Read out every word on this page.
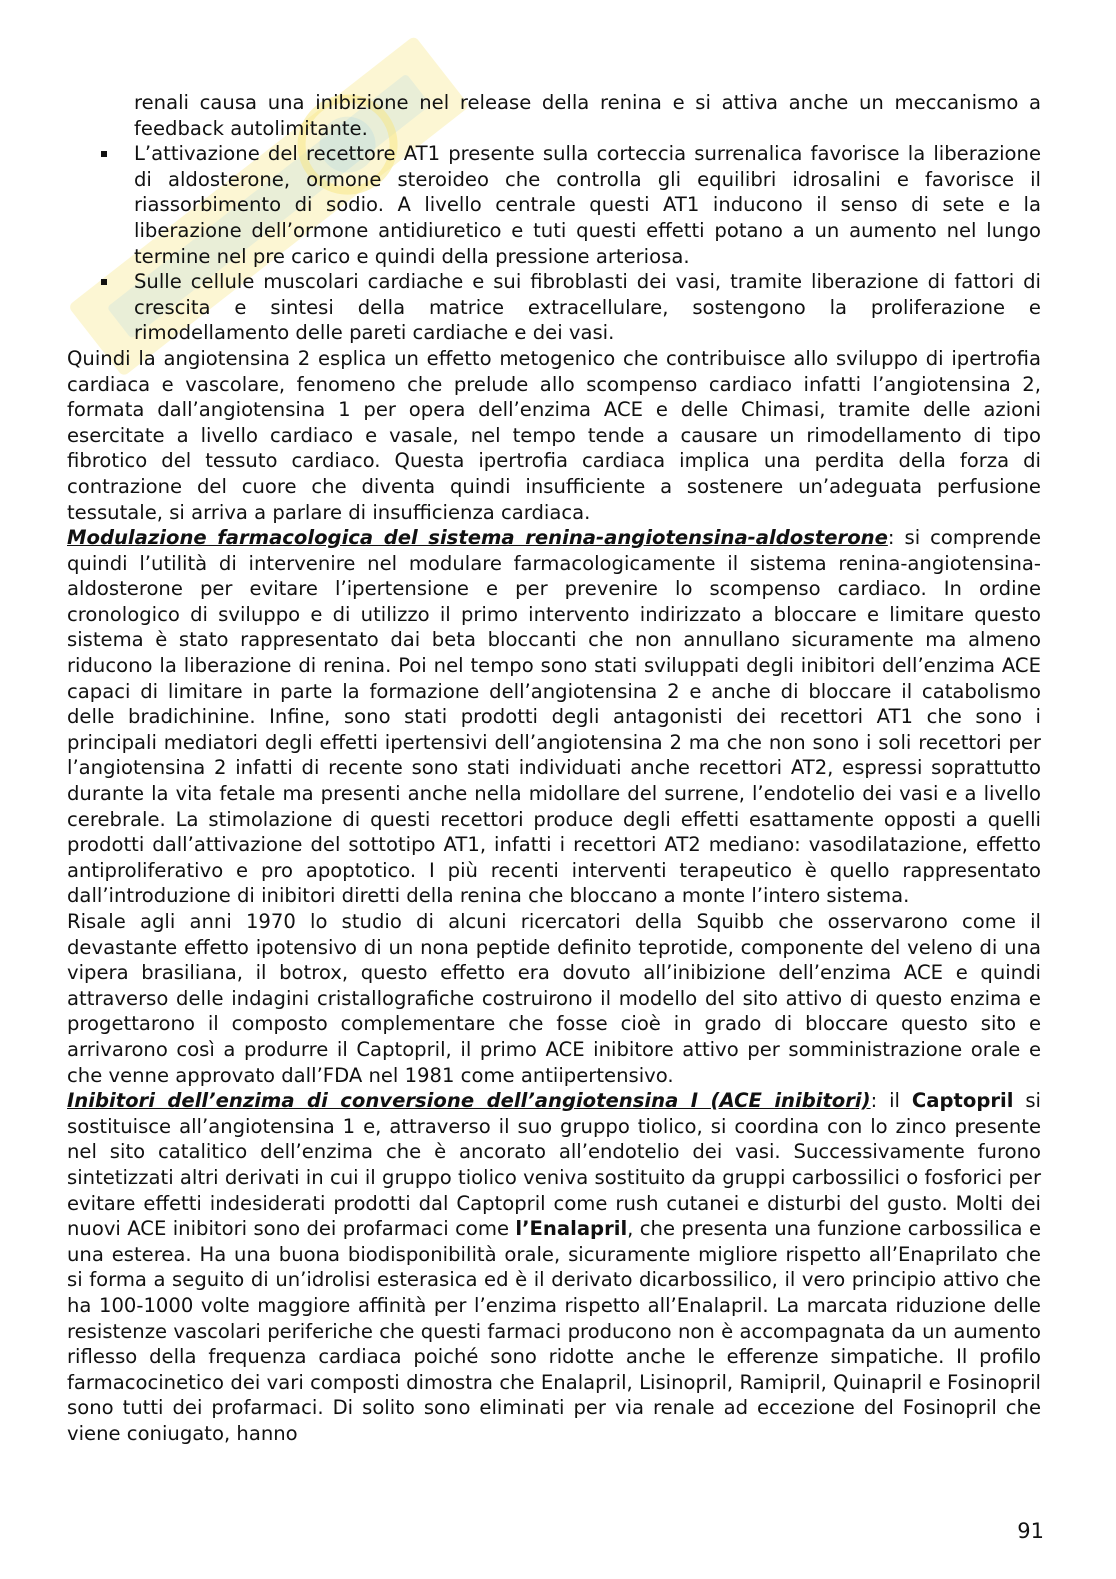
renali causa una inibizione nel release della renina e si attiva anche un meccanismo a feedback autolimitante.

L’attivazione del recettore AT1 presente sulla corteccia surrenalica favorisce la liberazione di aldosterone, ormone steroideo che controlla gli equilibri idrosalini e favorisce il riassorbimento di sodio. A livello centrale questi AT1 inducono il senso di sete e la liberazione dell’ormone antidiuretico e tuti questi effetti potano a un aumento nel lungo termine nel pre carico e quindi della pressione arteriosa.
Sulle cellule muscolari cardiache e sui fibroblasti dei vasi, tramite liberazione di fattori di crescita e sintesi della matrice extracellulare, sostengono la proliferazione e rimodellamento delle pareti cardiache e dei vasi.

Quindi la angiotensina 2 esplica un effetto metogenico che contribuisce allo sviluppo di ipertrofia cardiaca e vascolare, fenomeno che prelude allo scompenso cardiaco infatti l’angiotensina 2, formata dall’angiotensina 1 per opera dell’enzima ACE e delle Chimasi, tramite delle azioni esercitate a livello cardiaco e vasale, nel tempo tende a causare un rimodellamento di tipo fibrotico del tessuto cardiaco. Questa ipertrofia cardiaca implica una perdita della forza di contrazione del cuore che diventa quindi insufficiente a sostenere un’adeguata perfusione tessutale, si arriva a parlare di insufficienza cardiaca.

Modulazione farmacologica del sistema renina-angiotensina-aldosterone: si comprende quindi l’utilità di intervenire nel modulare farmacologicamente il sistema renina-angiotensina-aldosterone per evitare l’ipertensione e per prevenire lo scompenso cardiaco. In ordine cronologico di sviluppo e di utilizzo il primo intervento indirizzato a bloccare e limitare questo sistema è stato rappresentato dai beta bloccanti che non annullano sicuramente ma almeno riducono la liberazione di renina. Poi nel tempo sono stati sviluppati degli inibitori dell’enzima ACE capaci di limitare in parte la formazione dell’angiotensina 2 e anche di bloccare il catabolismo delle bradichinine. Infine, sono stati prodotti degli antagonisti dei recettori AT1 che sono i principali mediatori degli effetti ipertensivi dell’angiotensina 2 ma che non sono i soli recettori per l’angiotensina 2 infatti di recente sono stati individuati anche recettori AT2, espressi soprattutto durante la vita fetale ma presenti anche nella midollare del surrene, l’endotelio dei vasi e a livello cerebrale. La stimolazione di questi recettori produce degli effetti esattamente opposti a quelli prodotti dall’attivazione del sottotipo AT1, infatti i recettori AT2 mediano: vasodilatazione, effetto antiproliferativo e pro apoptotico. I più recenti interventi terapeutico è quello rappresentato dall’introduzione di inibitori diretti della renina che bloccano a monte l’intero sistema.

Risale agli anni 1970 lo studio di alcuni ricercatori della Squibb che osservarono come il devastante effetto ipotensivo di un nona peptide definito teprotide, componente del veleno di una vipera brasiliana, il botrox, questo effetto era dovuto all’inibizione dell’enzima ACE e quindi attraverso delle indagini cristallografiche costruirono il modello del sito attivo di questo enzima e progettarono il composto complementare che fosse cioè in grado di bloccare questo sito e arrivarono così a produrre il Captopril, il primo ACE inibitore attivo per somministrazione orale e che venne approvato dall’FDA nel 1981 come antiipertensivo.

Inibitori dell’enzima di conversione dell’angiotensina I (ACE inibitori): il Captopril si sostituisce all’angiotensina 1 e, attraverso il suo gruppo tiolico, si coordina con lo zinco presente nel sito catalitico dell’enzima che è ancorato all’endotelio dei vasi. Successivamente furono sintetizzati altri derivati in cui il gruppo tiolico veniva sostituito da gruppi carbossilici o fosforici per evitare effetti indesiderati prodotti dal Captopril come rush cutanei e disturbi del gusto. Molti dei nuovi ACE inibitori sono dei profarmaci come l’Enalapril, che presenta una funzione carbossilica e una esterea. Ha una buona biodisponibilità orale, sicuramente migliore rispetto all’Enaprilato che si forma a seguito di un’idrolisi esterasica ed è il derivato dicarbossilico, il vero principio attivo che ha 100-1000 volte maggiore affinità per l’enzima rispetto all’Enalapril. La marcata riduzione delle resistenze vascolari periferiche che questi farmaci producono non è accompagnata da un aumento riflesso della frequenza cardiaca poiché sono ridotte anche le efferenze simpatiche. Il profilo farmacocinetico dei vari composti dimostra che Enalapril, Lisinopril, Ramipril, Quinapril e Fosinopril sono tutti dei profarmaci. Di solito sono eliminati per via renale ad eccezione del Fosinopril che viene coniugato, hanno

91
